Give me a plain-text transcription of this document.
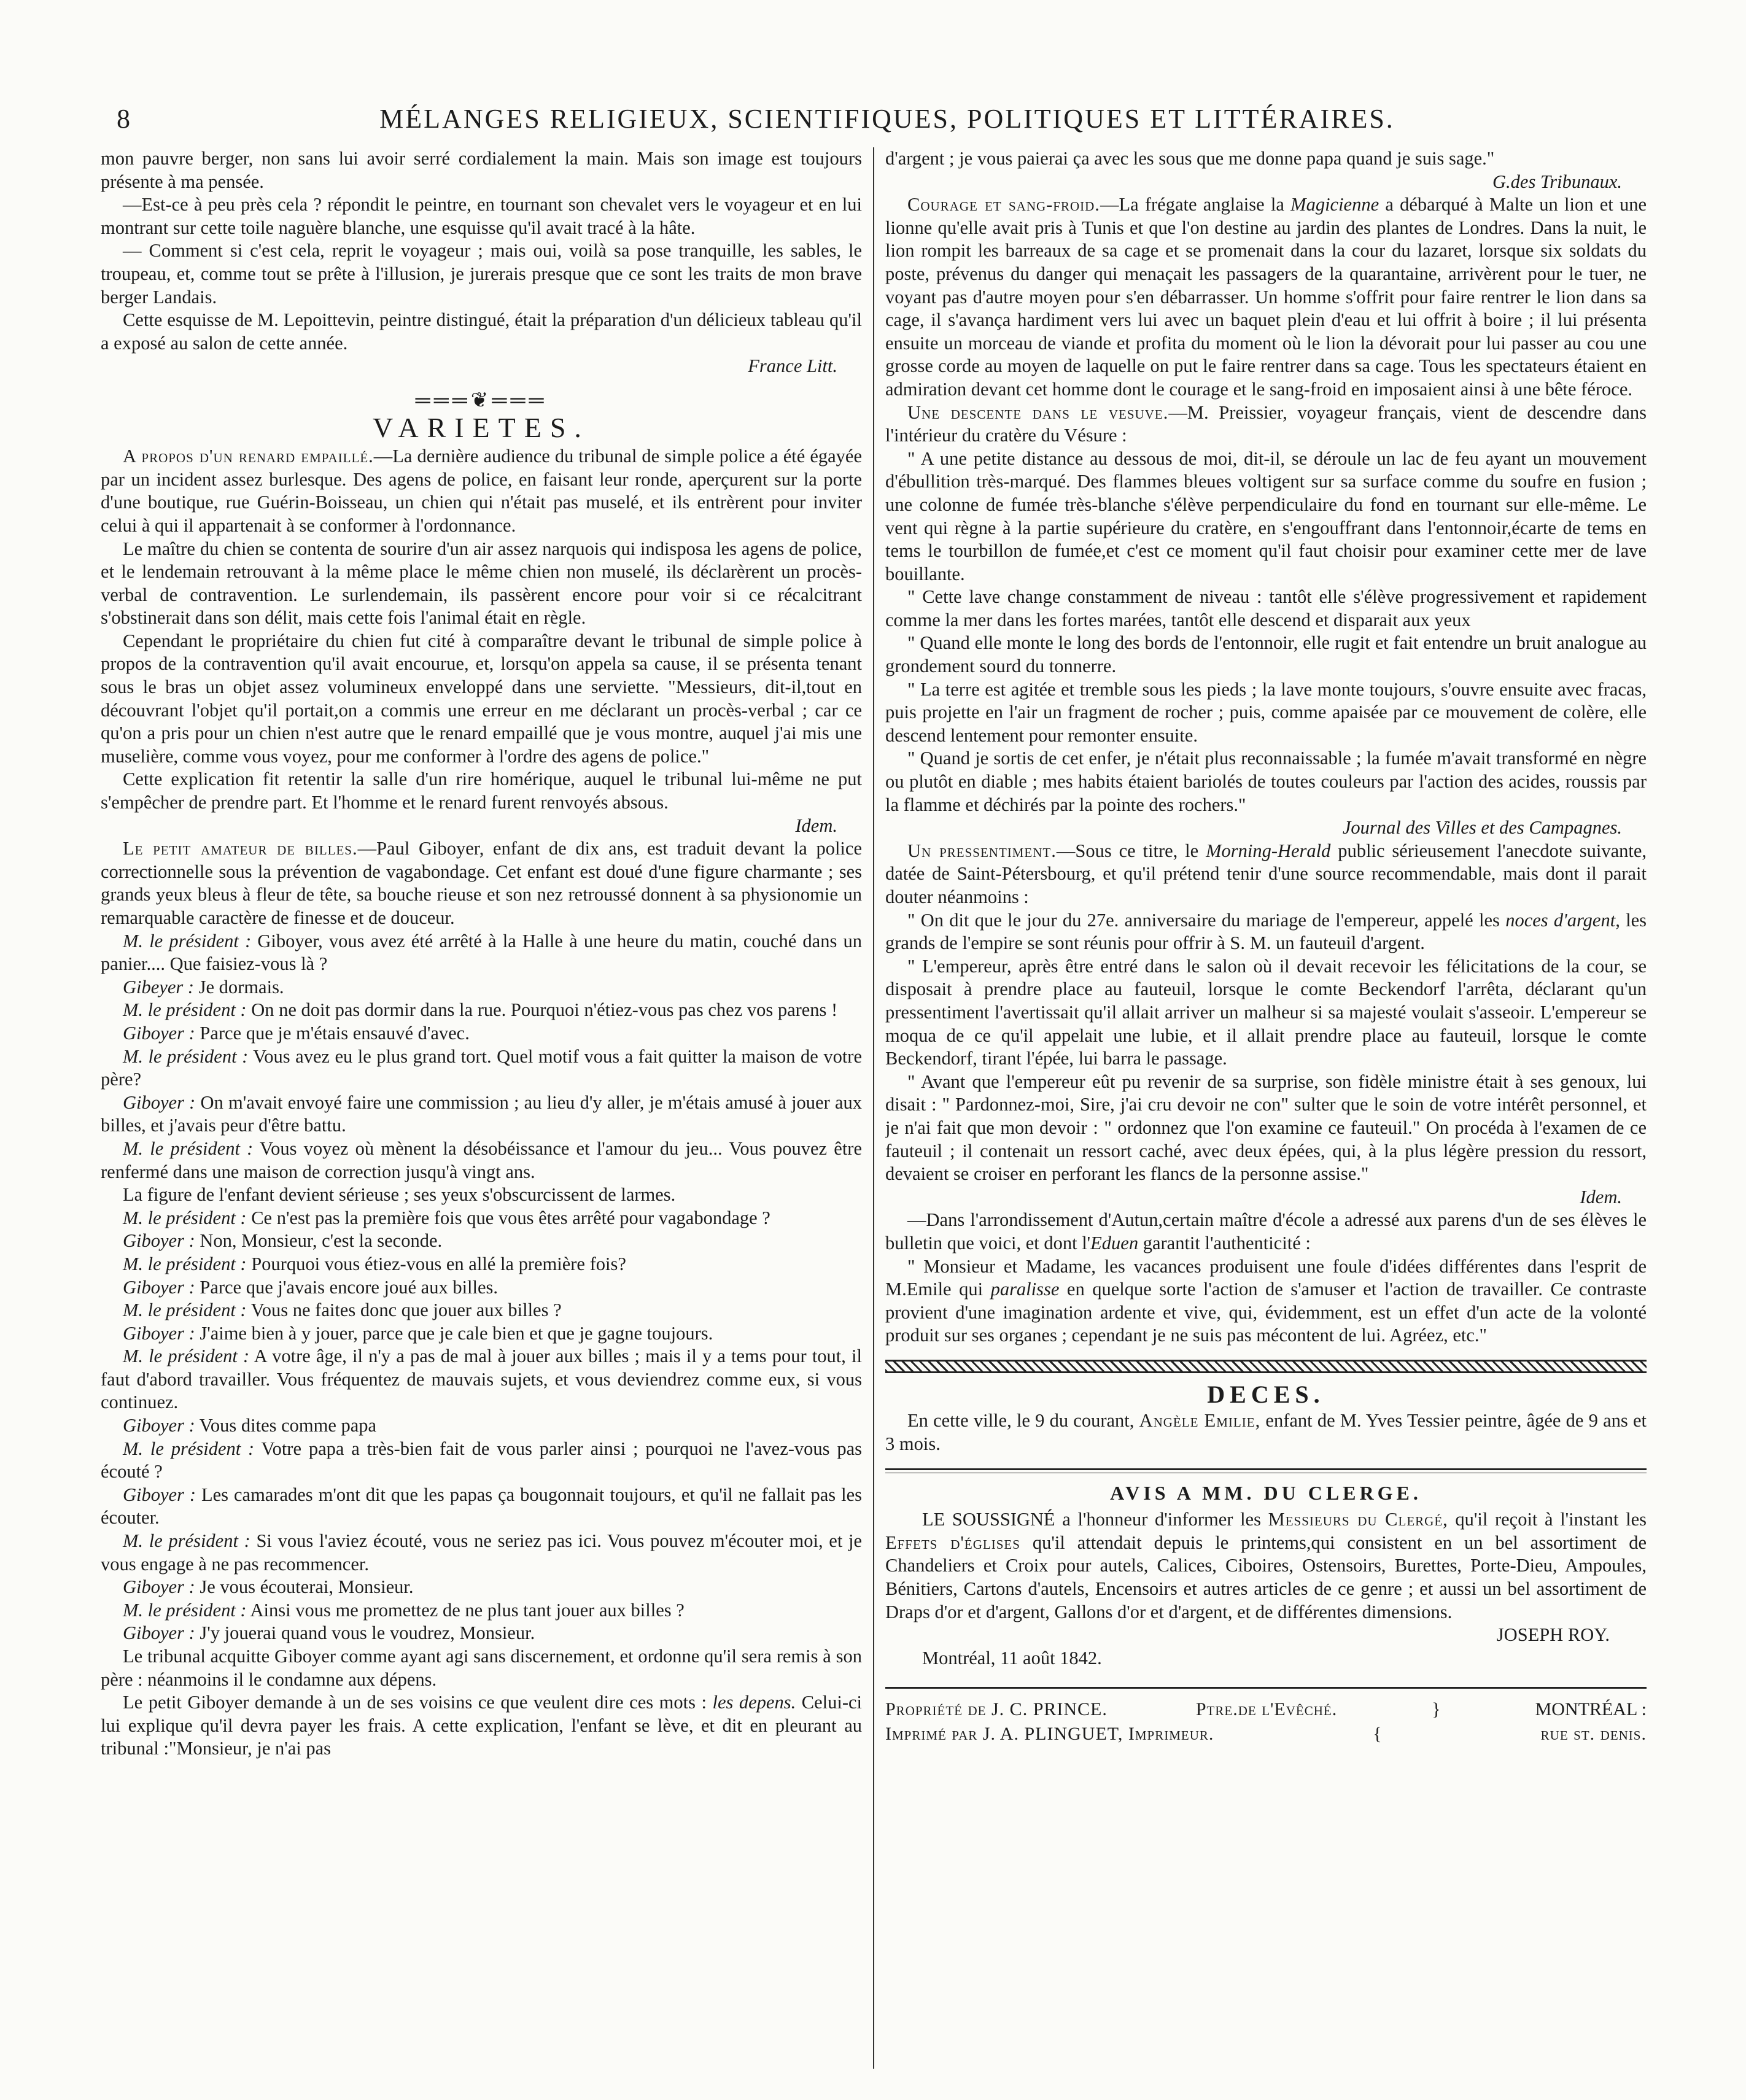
8	MÉLANGES RELIGIEUX, SCIENTIFIQUES, POLITIQUES ET LITTÉRAIRES.

mon pauvre berger, non sans lui avoir serré cordialement la main. Mais son image est toujours présente à ma pensée.

—Est-ce à peu près cela ? répondit le peintre, en tournant son chevalet vers le voyageur et en lui montrant sur cette toile naguère blanche, une esquisse qu'il avait tracé à la hâte.

— Comment si c'est cela, reprit le voyageur ; mais oui, voilà sa pose tranquille, les sables, le troupeau, et, comme tout se prête à l'illusion, je jurerais presque que ce sont les traits de mon brave berger Landais.

Cette esquisse de M. Lepoittevin, peintre distingué, était la préparation d'un délicieux tableau qu'il a exposé au salon de cette année.

France Litt.
═══❦═══
VARIETES.

A propos d'un renard empaillé.—La dernière audience du tribunal de simple police a été égayée par un incident assez burlesque. Des agens de police, en faisant leur ronde, aperçurent sur la porte d'une boutique, rue Guérin-Boisseau, un chien qui n'était pas muselé, et ils entrèrent pour inviter celui à qui il appartenait à se conformer à l'ordonnance.

Le maître du chien se contenta de sourire d'un air assez narquois qui indisposa les agens de police, et le lendemain retrouvant à la même place le même chien non muselé, ils déclarèrent un procès-verbal de contravention. Le surlendemain, ils passèrent encore pour voir si ce récalcitrant s'obstinerait dans son délit, mais cette fois l'animal était en règle.

Cependant le propriétaire du chien fut cité à comparaître devant le tribunal de simple police à propos de la contravention qu'il avait encourue, et, lorsqu'on appela sa cause, il se présenta tenant sous le bras un objet assez volumineux enveloppé dans une serviette. "Messieurs, dit-il,tout en découvrant l'objet qu'il portait,on a commis une erreur en me déclarant un procès-verbal ; car ce qu'on a pris pour un chien n'est autre que le renard empaillé que je vous montre, auquel j'ai mis une muselière, comme vous voyez, pour me conformer à l'ordre des agens de police."

Cette explication fit retentir la salle d'un rire homérique, auquel le tribunal lui-même ne put s'empêcher de prendre part. Et l'homme et le renard furent renvoyés absous.

Idem.

Le petit amateur de billes.—Paul Giboyer, enfant de dix ans, est traduit devant la police correctionnelle sous la prévention de vagabondage. Cet enfant est doué d'une figure charmante ; ses grands yeux bleus à fleur de tête, sa bouche rieuse et son nez retroussé donnent à sa physionomie un remarquable caractère de finesse et de douceur.

M. le président : Giboyer, vous avez été arrêté à la Halle à une heure du matin, couché dans un panier.... Que faisiez-vous là ?

Gibeyer : Je dormais.

M. le président : On ne doit pas dormir dans la rue. Pourquoi n'étiez-vous pas chez vos parens !

Giboyer : Parce que je m'étais ensauvé d'avec.

M. le président : Vous avez eu le plus grand tort. Quel motif vous a fait quitter la maison de votre père?

Giboyer : On m'avait envoyé faire une commission ; au lieu d'y aller, je m'étais amusé à jouer aux billes, et j'avais peur d'être battu.

M. le président : Vous voyez où mènent la désobéissance et l'amour du jeu... Vous pouvez être renfermé dans une maison de correction jusqu'à vingt ans.

La figure de l'enfant devient sérieuse ; ses yeux s'obscurcissent de larmes.

M. le président : Ce n'est pas la première fois que vous êtes arrêté pour vagabondage ?

Giboyer : Non, Monsieur, c'est la seconde.

M. le président : Pourquoi vous étiez-vous en allé la première fois?

Giboyer : Parce que j'avais encore joué aux billes.

M. le président : Vous ne faites donc que jouer aux billes ?

Giboyer : J'aime bien à y jouer, parce que je cale bien et que je gagne toujours.

M. le président : A votre âge, il n'y a pas de mal à jouer aux billes ; mais il y a tems pour tout, il faut d'abord travailler. Vous fréquentez de mauvais sujets, et vous deviendrez comme eux, si vous continuez.

Giboyer : Vous dites comme papa

M. le président : Votre papa a très-bien fait de vous parler ainsi ; pourquoi ne l'avez-vous pas écouté ?

Giboyer : Les camarades m'ont dit que les papas ça bougonnait toujours, et qu'il ne fallait pas les écouter.

M. le président : Si vous l'aviez écouté, vous ne seriez pas ici. Vous pouvez m'écouter moi, et je vous engage à ne pas recommencer.

Giboyer : Je vous écouterai, Monsieur.

M. le président : Ainsi vous me promettez de ne plus tant jouer aux billes ?

Giboyer : J'y jouerai quand vous le voudrez, Monsieur.

Le tribunal acquitte Giboyer comme ayant agi sans discernement, et ordonne qu'il sera remis à son père : néanmoins il le condamne aux dépens.

Le petit Giboyer demande à un de ses voisins ce que veulent dire ces mots : les depens. Celui-ci lui explique qu'il devra payer les frais. A cette explication, l'enfant se lève, et dit en pleurant au tribunal :"Monsieur, je n'ai pas

d'argent ; je vous paierai ça avec les sous que me donne papa quand je suis sage."

G.des Tribunaux.

Courage et sang-froid.—La frégate anglaise la Magicienne a débarqué à Malte un lion et une lionne qu'elle avait pris à Tunis et que l'on destine au jardin des plantes de Londres. Dans la nuit, le lion rompit les barreaux de sa cage et se promenait dans la cour du lazaret, lorsque six soldats du poste, prévenus du danger qui menaçait les passagers de la quarantaine, arrivèrent pour le tuer, ne voyant pas d'autre moyen pour s'en débarrasser. Un homme s'offrit pour faire rentrer le lion dans sa cage, il s'avança hardiment vers lui avec un baquet plein d'eau et lui offrit à boire ; il lui présenta ensuite un morceau de viande et profita du moment où le lion la dévorait pour lui passer au cou une grosse corde au moyen de laquelle on put le faire rentrer dans sa cage. Tous les spectateurs étaient en admiration devant cet homme dont le courage et le sang-froid en imposaient ainsi à une bête féroce.

Une descente dans le vesuve.—M. Preissier, voyageur français, vient de descendre dans l'intérieur du cratère du Vésure :

" A une petite distance au dessous de moi, dit-il, se déroule un lac de feu ayant un mouvement d'ébullition très-marqué. Des flammes bleues voltigent sur sa surface comme du soufre en fusion ; une colonne de fumée très-blanche s'élève perpendiculaire du fond en tournant sur elle-même. Le vent qui règne à la partie supérieure du cratère, en s'engouffrant dans l'entonnoir,écarte de tems en tems le tourbillon de fumée,et c'est ce moment qu'il faut choisir pour examiner cette mer de lave bouillante.

" Cette lave change constamment de niveau : tantôt elle s'élève progressivement et rapidement comme la mer dans les fortes marées, tantôt elle descend et disparait aux yeux

" Quand elle monte le long des bords de l'entonnoir, elle rugit et fait entendre un bruit analogue au grondement sourd du tonnerre.

" La terre est agitée et tremble sous les pieds ; la lave monte toujours, s'ouvre ensuite avec fracas, puis projette en l'air un fragment de rocher ; puis, comme apaisée par ce mouvement de colère, elle descend lentement pour remonter ensuite.

" Quand je sortis de cet enfer, je n'était plus reconnaissable ; la fumée m'avait transformé en nègre ou plutôt en diable ; mes habits étaient bariolés de toutes couleurs par l'action des acides, roussis par la flamme et déchirés par la pointe des rochers."

Journal des Villes et des Campagnes.

Un pressentiment.—Sous ce titre, le Morning-Herald public sérieusement l'anecdote suivante, datée de Saint-Pétersbourg, et qu'il prétend tenir d'une source recommendable, mais dont il parait douter néanmoins :

" On dit que le jour du 27e. anniversaire du mariage de l'empereur, appelé les noces d'argent, les grands de l'empire se sont réunis pour offrir à S. M. un fauteuil d'argent.

" L'empereur, après être entré dans le salon où il devait recevoir les félicitations de la cour, se disposait à prendre place au fauteuil, lorsque le comte Beckendorf l'arrêta, déclarant qu'un pressentiment l'avertissait qu'il allait arriver un malheur si sa majesté voulait s'asseoir. L'empereur se moqua de ce qu'il appelait une lubie, et il allait prendre place au fauteuil, lorsque le comte Beckendorf, tirant l'épée, lui barra le passage.

" Avant que l'empereur eût pu revenir de sa surprise, son fidèle ministre était à ses genoux, lui disait : " Pardonnez-moi, Sire, j'ai cru devoir ne con" sulter que le soin de votre intérêt personnel, et je n'ai fait que mon devoir : " ordonnez que l'on examine ce fauteuil." On procéda à l'examen de ce fauteuil ; il contenait un ressort caché, avec deux épées, qui, à la plus légère pression du ressort, devaient se croiser en perforant les flancs de la personne assise."

Idem.

—Dans l'arrondissement d'Autun,certain maître d'école a adressé aux parens d'un de ses élèves le bulletin que voici, et dont l'Eduen garantit l'authenticité :

" Monsieur et Madame, les vacances produisent une foule d'idées différentes dans l'esprit de M.Emile qui paralisse en quelque sorte l'action de s'amuser et l'action de travailler. Ce contraste provient d'une imagination ardente et vive, qui, évidemment, est un effet d'un acte de la volonté produit sur ses organes ; cependant je ne suis pas mécontent de lui. Agréez, etc."

DECES.

En cette ville, le 9 du courant, Angèle Emilie, enfant de M. Yves Tessier peintre, âgée de 9 ans et 3 mois.

AVIS A MM. DU CLERGE.

LE SOUSSIGNÉ a l'honneur d'informer les Messieurs du Clergé, qu'il reçoit à l'instant les Effets d'églises qu'il attendait depuis le printems,qui consistent en un bel assortiment de Chandeliers et Croix pour autels, Calices, Ciboires, Ostensoirs, Burettes, Porte-Dieu, Ampoules, Bénitiers, Cartons d'autels, Encensoirs et autres articles de ce genre ; et aussi un bel assortiment de Draps d'or et d'argent, Gallons d'or et d'argent, et de différentes dimensions.

JOSEPH ROY.

Montréal, 11 août 1842.

Propriété de J. C. PRINCE.	Ptre.de l'Evêché.	}	MONTRÉAL :
Imprimé par J. A. PLINGUET, Imprimeur.	{	rue st. denis.
